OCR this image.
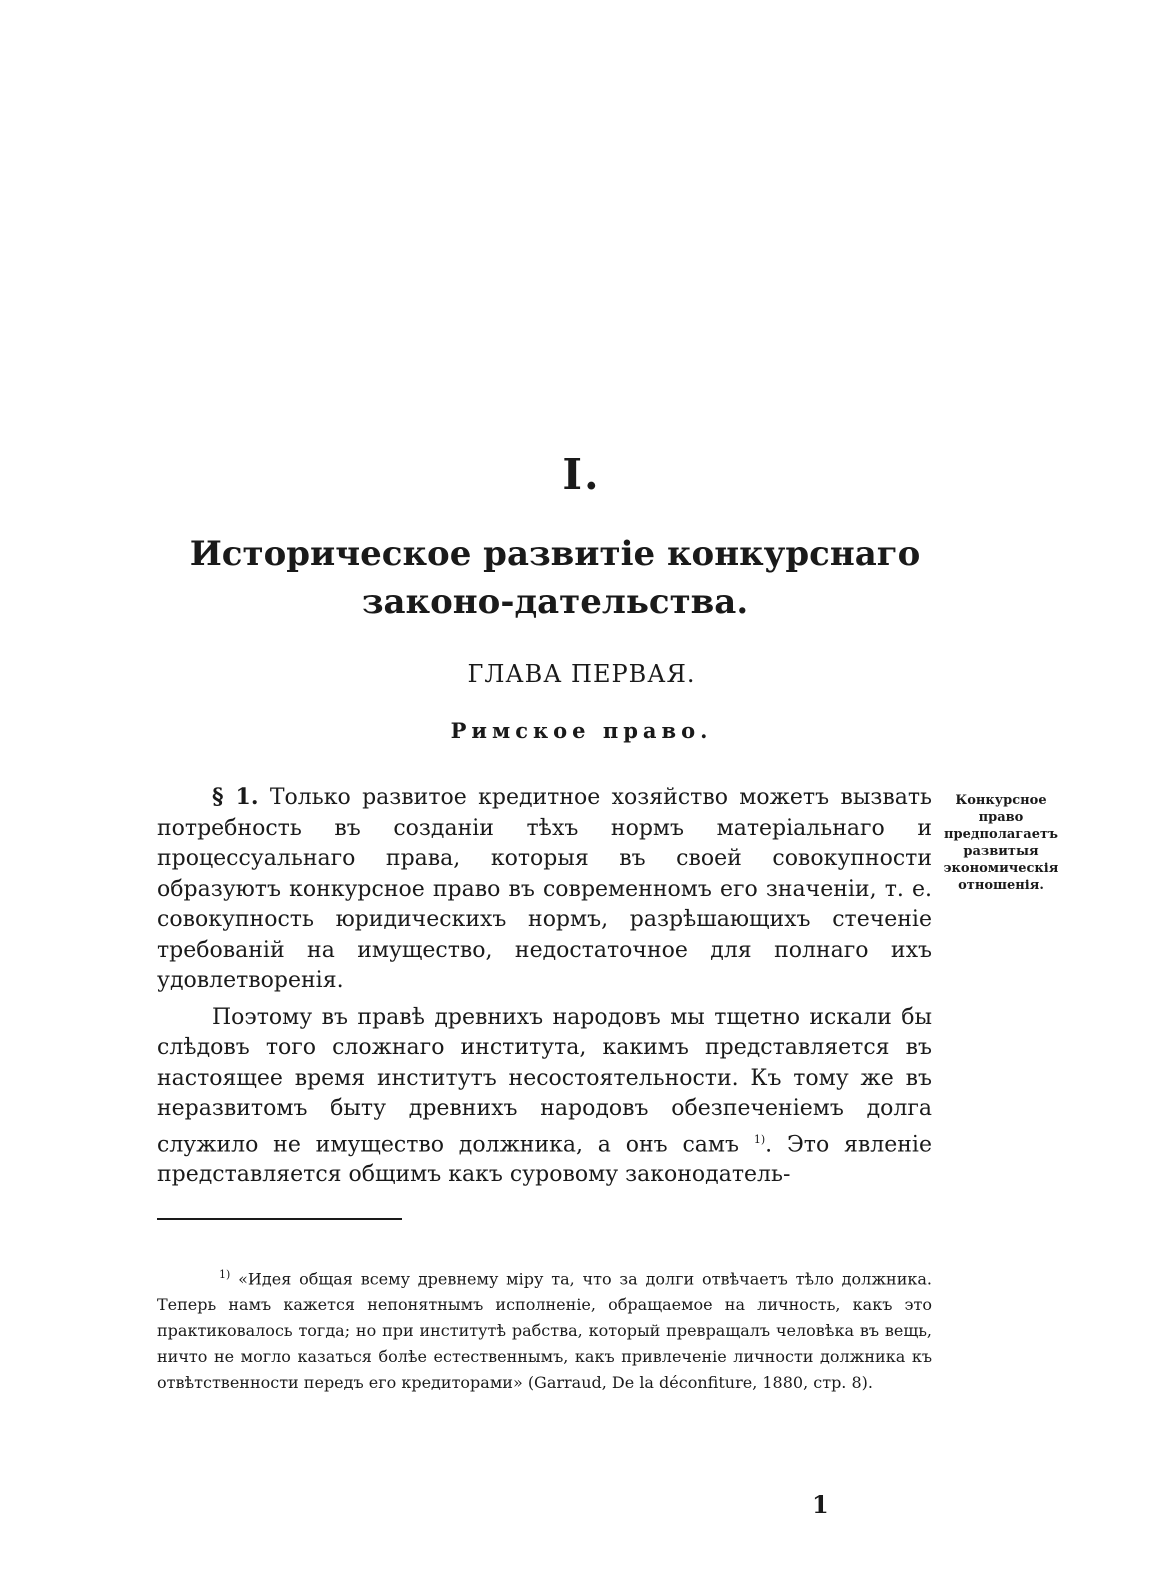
I.
Историческое развитіе конкурснаго законо-дательства.
ГЛАВА ПЕРВАЯ.
Римское право.

§ 1. Только развитое кредитное хозяйство можетъ вызвать потребность въ созданіи тѣхъ нормъ матеріальнаго и процессуальнаго права, которыя въ своей совокупности образуютъ конкурсное право въ современномъ его значеніи, т. е. совокупность юридическихъ нормъ, разрѣшающихъ стеченіе требованій на имущество, недостаточное для полнаго ихъ удовлетворенія.

Поэтому въ правѣ древнихъ народовъ мы тщетно искали бы слѣдовъ того сложнаго института, какимъ представляется въ настоящее время институтъ несостоятельности. Къ тому же въ неразвитомъ быту древнихъ народовъ обезпеченіемъ долга служило не имущество должника, а онъ самъ $^{1)}$. Это явленіе представляется общимъ какъ суровому законодатель-

Конкурсное право предполагаетъ развитыя экономическія отношенія.

$^{1)}$ «Идея общая всему древнему міру та, что за долги отвѣчаетъ тѣло должника. Теперь намъ кажется непонятнымъ исполненіе, обращаемое на личность, какъ это практиковалось тогда; но при институтѣ рабства, который превращалъ человѣка въ вещь, ничто не могло казаться болѣе естественнымъ, какъ привлеченіе личности должника къ отвѣтственности передъ его кредиторами» (Garraud, De la déconfiture, 1880, стр. 8).

1
